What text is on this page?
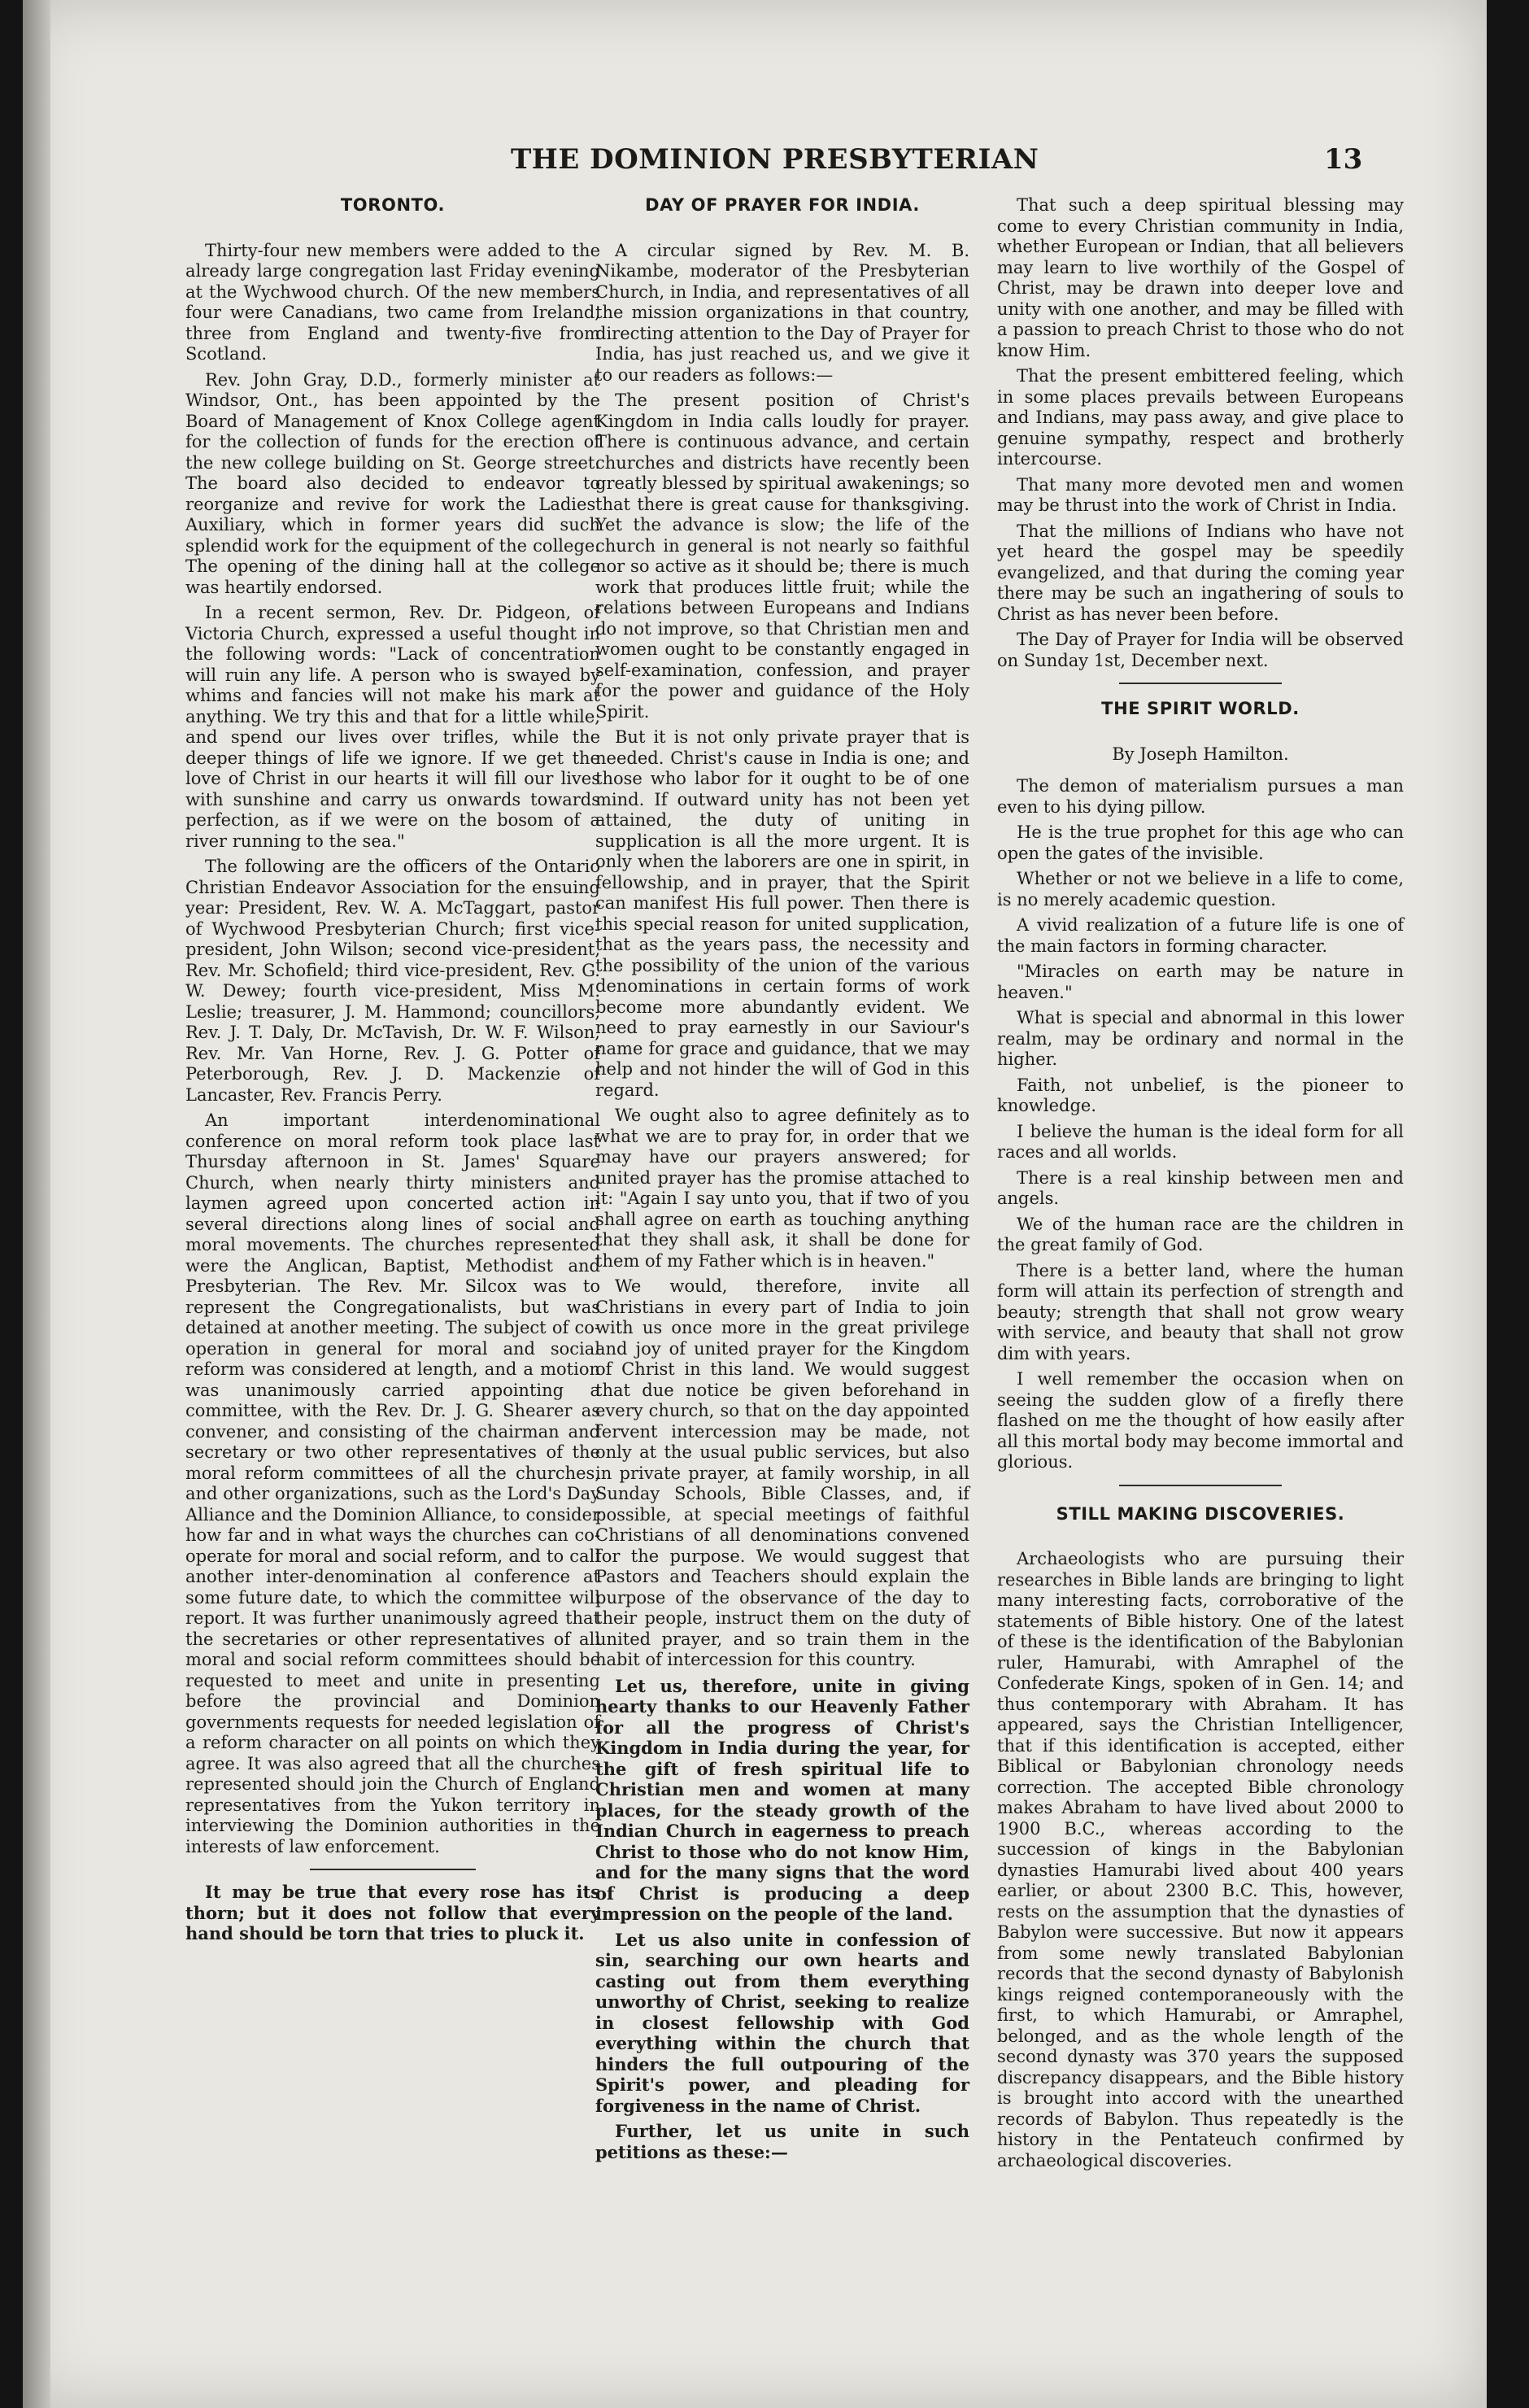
THE DOMINION PRESBYTERIAN	13
TORONTO.

Thirty-four new members were added to the already large congregation last Friday evening at the Wychwood church. Of the new members four were Canadians, two came from Ireland, three from England and twenty-five from Scotland.

Rev. John Gray, D.D., formerly minister at Windsor, Ont., has been appointed by the Board of Management of Knox College agent for the collection of funds for the erection of the new college building on St. George street. The board also decided to endeavor to reorganize and revive for work the Ladies' Auxiliary, which in former years did such splendid work for the equipment of the college. The opening of the dining hall at the college was heartily endorsed.

In a recent sermon, Rev. Dr. Pidgeon, of Victoria Church, expressed a useful thought in the following words: "Lack of concentration will ruin any life. A person who is swayed by whims and fancies will not make his mark at anything. We try this and that for a little while, and spend our lives over trifles, while the deeper things of life we ignore. If we get the love of Christ in our hearts it will fill our lives with sunshine and carry us onwards towards perfection, as if we were on the bosom of a river running to the sea."

The following are the officers of the Ontario Christian Endeavor Association for the ensuing year: President, Rev. W. A. McTaggart, pastor of Wychwood Presbyterian Church; first vice-president, John Wilson; second vice-president, Rev. Mr. Schofield; third vice-president, Rev. G. W. Dewey; fourth vice-president, Miss M. Leslie; treasurer, J. M. Hammond; councillors, Rev. J. T. Daly, Dr. McTavish, Dr. W. F. Wilson, Rev. Mr. Van Horne, Rev. J. G. Potter of Peterborough, Rev. J. D. Mackenzie of Lancaster, Rev. Francis Perry.

An important interdenominational conference on moral reform took place last Thursday afternoon in St. James' Square Church, when nearly thirty ministers and laymen agreed upon concerted action in several directions along lines of social and moral movements. The churches represented were the Anglican, Baptist, Methodist and Presbyterian. The Rev. Mr. Silcox was to represent the Congregationalists, but was detained at another meeting. The subject of co-operation in general for moral and social reform was considered at length, and a motion was unanimously carried appointing a committee, with the Rev. Dr. J. G. Shearer as convener, and consisting of the chairman and secretary or two other representatives of the moral reform committees of all the churches, and other organizations, such as the Lord's Day Alliance and the Dominion Alliance, to consider how far and in what ways the churches can co-operate for moral and social reform, and to call another inter-denomination al conference at some future date, to which the committee will report. It was further unanimously agreed that the secretaries or other representatives of all moral and social reform committees should be requested to meet and unite in presenting before the provincial and Dominion governments requests for needed legislation of a reform character on all points on which they agree. It was also agreed that all the churches represented should join the Church of England representatives from the Yukon territory in interviewing the Dominion authorities in the interests of law enforcement.

It may be true that every rose has its thorn; but it does not follow that every hand should be torn that tries to pluck it.

DAY OF PRAYER FOR INDIA.

A circular signed by Rev. M. B. Nikambe, moderator of the Presbyterian Church, in India, and representatives of all the mission organizations in that country, directing attention to the Day of Prayer for India, has just reached us, and we give it to our readers as follows:—

The present position of Christ's Kingdom in India calls loudly for prayer. There is continuous advance, and certain churches and districts have recently been greatly blessed by spiritual awakenings; so that there is great cause for thanksgiving. Yet the advance is slow; the life of the church in general is not nearly so faithful nor so active as it should be; there is much work that produces little fruit; while the relations between Europeans and Indians do not improve, so that Christian men and women ought to be constantly engaged in self-examination, confession, and prayer for the power and guidance of the Holy Spirit.

But it is not only private prayer that is needed. Christ's cause in India is one; and those who labor for it ought to be of one mind. If outward unity has not been yet attained, the duty of uniting in supplication is all the more urgent. It is only when the laborers are one in spirit, in fellowship, and in prayer, that the Spirit can manifest His full power. Then there is this special reason for united supplication, that as the years pass, the necessity and the possibility of the union of the various denominations in certain forms of work become more abundantly evident. We need to pray earnestly in our Saviour's name for grace and guidance, that we may help and not hinder the will of God in this regard.

We ought also to agree definitely as to what we are to pray for, in order that we may have our prayers answered; for united prayer has the promise attached to it: "Again I say unto you, that if two of you shall agree on earth as touching anything that they shall ask, it shall be done for them of my Father which is in heaven."

We would, therefore, invite all Christians in every part of India to join with us once more in the great privilege and joy of united prayer for the Kingdom of Christ in this land. We would suggest that due notice be given beforehand in every church, so that on the day appointed fervent intercession may be made, not only at the usual public services, but also in private prayer, at family worship, in all Sunday Schools, Bible Classes, and, if possible, at special meetings of faithful Christians of all denominations convened for the purpose. We would suggest that Pastors and Teachers should explain the purpose of the observance of the day to their people, instruct them on the duty of united prayer, and so train them in the habit of intercession for this country.

Let us, therefore, unite in giving hearty thanks to our Heavenly Father for all the progress of Christ's Kingdom in India during the year, for the gift of fresh spiritual life to Christian men and women at many places, for the steady growth of the Indian Church in eagerness to preach Christ to those who do not know Him, and for the many signs that the word of Christ is producing a deep impression on the people of the land.

Let us also unite in confession of sin, searching our own hearts and casting out from them everything unworthy of Christ, seeking to realize in closest fellowship with God everything within the church that hinders the full outpouring of the Spirit's power, and pleading for forgiveness in the name of Christ.

Further, let us unite in such petitions as these:—

That such a deep spiritual blessing may come to every Christian community in India, whether European or Indian, that all believers may learn to live worthily of the Gospel of Christ, may be drawn into deeper love and unity with one another, and may be filled with a passion to preach Christ to those who do not know Him.

That the present embittered feeling, which in some places prevails between Europeans and Indians, may pass away, and give place to genuine sympathy, respect and brotherly intercourse.

That many more devoted men and women may be thrust into the work of Christ in India.

That the millions of Indians who have not yet heard the gospel may be speedily evangelized, and that during the coming year there may be such an ingathering of souls to Christ as has never been before.

The Day of Prayer for India will be observed on Sunday 1st, December next.

THE SPIRIT WORLD.
By Joseph Hamilton.

The demon of materialism pursues a man even to his dying pillow.

He is the true prophet for this age who can open the gates of the invisible.

Whether or not we believe in a life to come, is no merely academic question.

A vivid realization of a future life is one of the main factors in forming character.

"Miracles on earth may be nature in heaven."

What is special and abnormal in this lower realm, may be ordinary and normal in the higher.

Faith, not unbelief, is the pioneer to knowledge.

I believe the human is the ideal form for all races and all worlds.

There is a real kinship between men and angels.

We of the human race are the children in the great family of God.

There is a better land, where the human form will attain its perfection of strength and beauty; strength that shall not grow weary with service, and beauty that shall not grow dim with years.

I well remember the occasion when on seeing the sudden glow of a firefly there flashed on me the thought of how easily after all this mortal body may become immortal and glorious.

STILL MAKING DISCOVERIES.

Archaeologists who are pursuing their researches in Bible lands are bringing to light many interesting facts, corroborative of the statements of Bible history. One of the latest of these is the identification of the Babylonian ruler, Hamurabi, with Amraphel of the Confederate Kings, spoken of in Gen. 14; and thus contemporary with Abraham. It has appeared, says the Christian Intelligencer, that if this identification is accepted, either Biblical or Babylonian chronology needs correction. The accepted Bible chronology makes Abraham to have lived about 2000 to 1900 B.C., whereas according to the succession of kings in the Babylonian dynasties Hamurabi lived about 400 years earlier, or about 2300 B.C. This, however, rests on the assumption that the dynasties of Babylon were successive. But now it appears from some newly translated Babylonian records that the second dynasty of Babylonish kings reigned contemporaneously with the first, to which Hamurabi, or Amraphel, belonged, and as the whole length of the second dynasty was 370 years the supposed discrepancy disappears, and the Bible history is brought into accord with the unearthed records of Babylon. Thus repeatedly is the history in the Pentateuch confirmed by archaeological discoveries.
